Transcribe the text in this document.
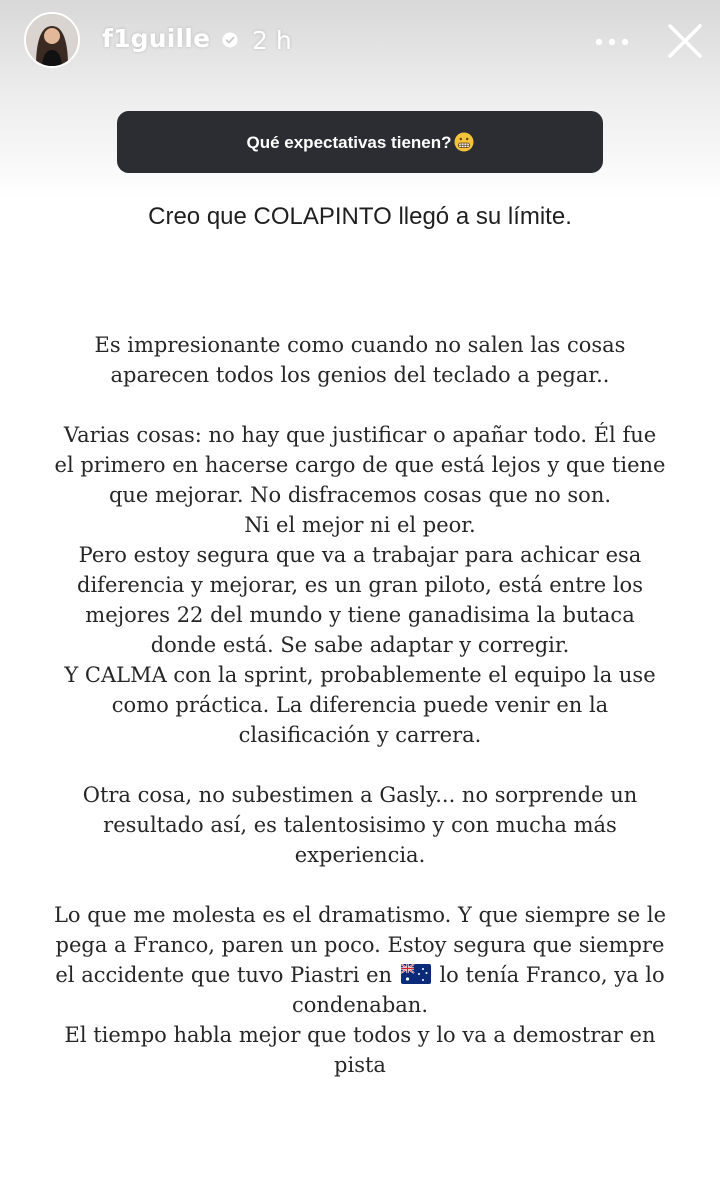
f1guille 2 h
Qué expectativas tienen?
Creo que COLAPINTO llegó a su límite.
Es impresionante como cuando no salen las cosas
aparecen todos los genios del teclado a pegar..
Varias cosas: no hay que justificar o apañar todo. Él fue
el primero en hacerse cargo de que está lejos y que tiene
que mejorar. No disfracemos cosas que no son.
Ni el mejor ni el peor.
Pero estoy segura que va a trabajar para achicar esa
diferencia y mejorar, es un gran piloto, está entre los
mejores 22 del mundo y tiene ganadisima la butaca
donde está. Se sabe adaptar y corregir.
Y CALMA con la sprint, probablemente el equipo la use
como práctica. La diferencia puede venir en la
clasificación y carrera.
Otra cosa, no subestimen a Gasly... no sorprende un
resultado así, es talentosisimo y con mucha más
experiencia.
Lo que me molesta es el dramatismo. Y que siempre se le
pega a Franco, paren un poco. Estoy segura que siempre
el accidente que tuvo Piastri en lo tenía Franco, ya lo
condenaban.
El tiempo habla mejor que todos y lo va a demostrar en
pista
